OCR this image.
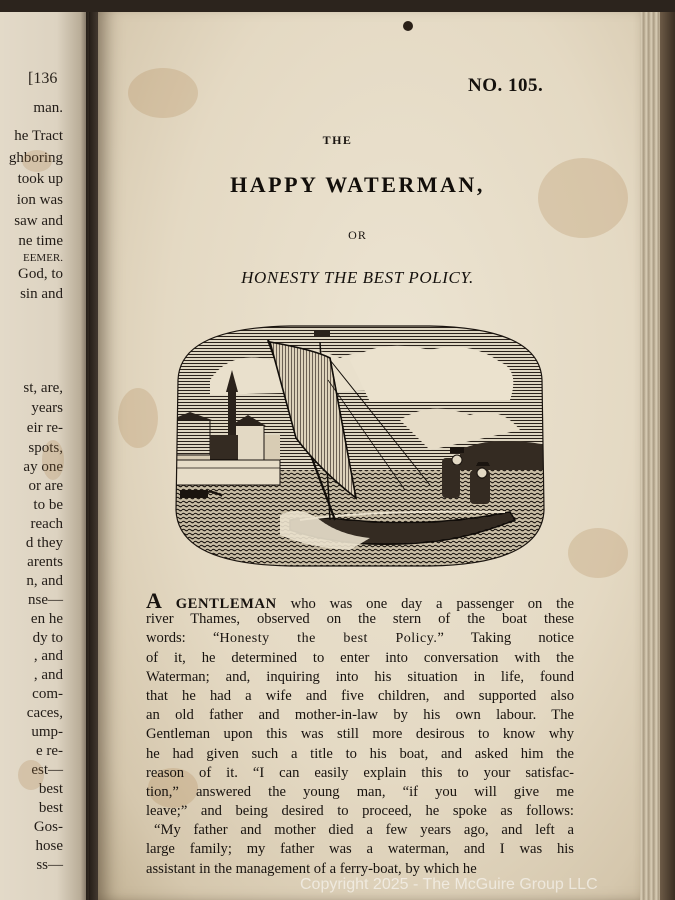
[136
man.
he Tract
ghboring
took up
ion was
saw and
ne time
EEMER.
God, to
sin and
st, are,
years
eir re-
spots,
ay one
or are
to be
reach
d they
arents
n, and
nse—
en he
dy to
, and
, and
com-
caces,
ump-
e re-
est—
best
best
Gos-
hose
ss—
NO. 105.
THE
HAPPY WATERMAN,
OR
HONESTY THE BEST POLICY.
A GENTLEMAN who was one day a passenger on the
river Thames, observed on the stern of the boat these
words: “Honesty the best Policy.” Taking notice
of it, he determined to enter into conversation with the
Waterman; and, inquiring into his situation in life, found
that he had a wife and five children, and supported also
an old father and mother-in-law by his own labour. The
Gentleman upon this was still more desirous to know why
he had given such a title to his boat, and asked him the
reason of it. “I can easily explain this to your satisfac-
tion,” answered the young man, “if you will give me
leave;” and being desired to proceed, he spoke as follows:
“My father and mother died a few years ago, and left a
large family; my father was a waterman, and I was his
assistant in the management of a ferry-boat, by which he
Copyright 2025 - The McGuire Group LLC
